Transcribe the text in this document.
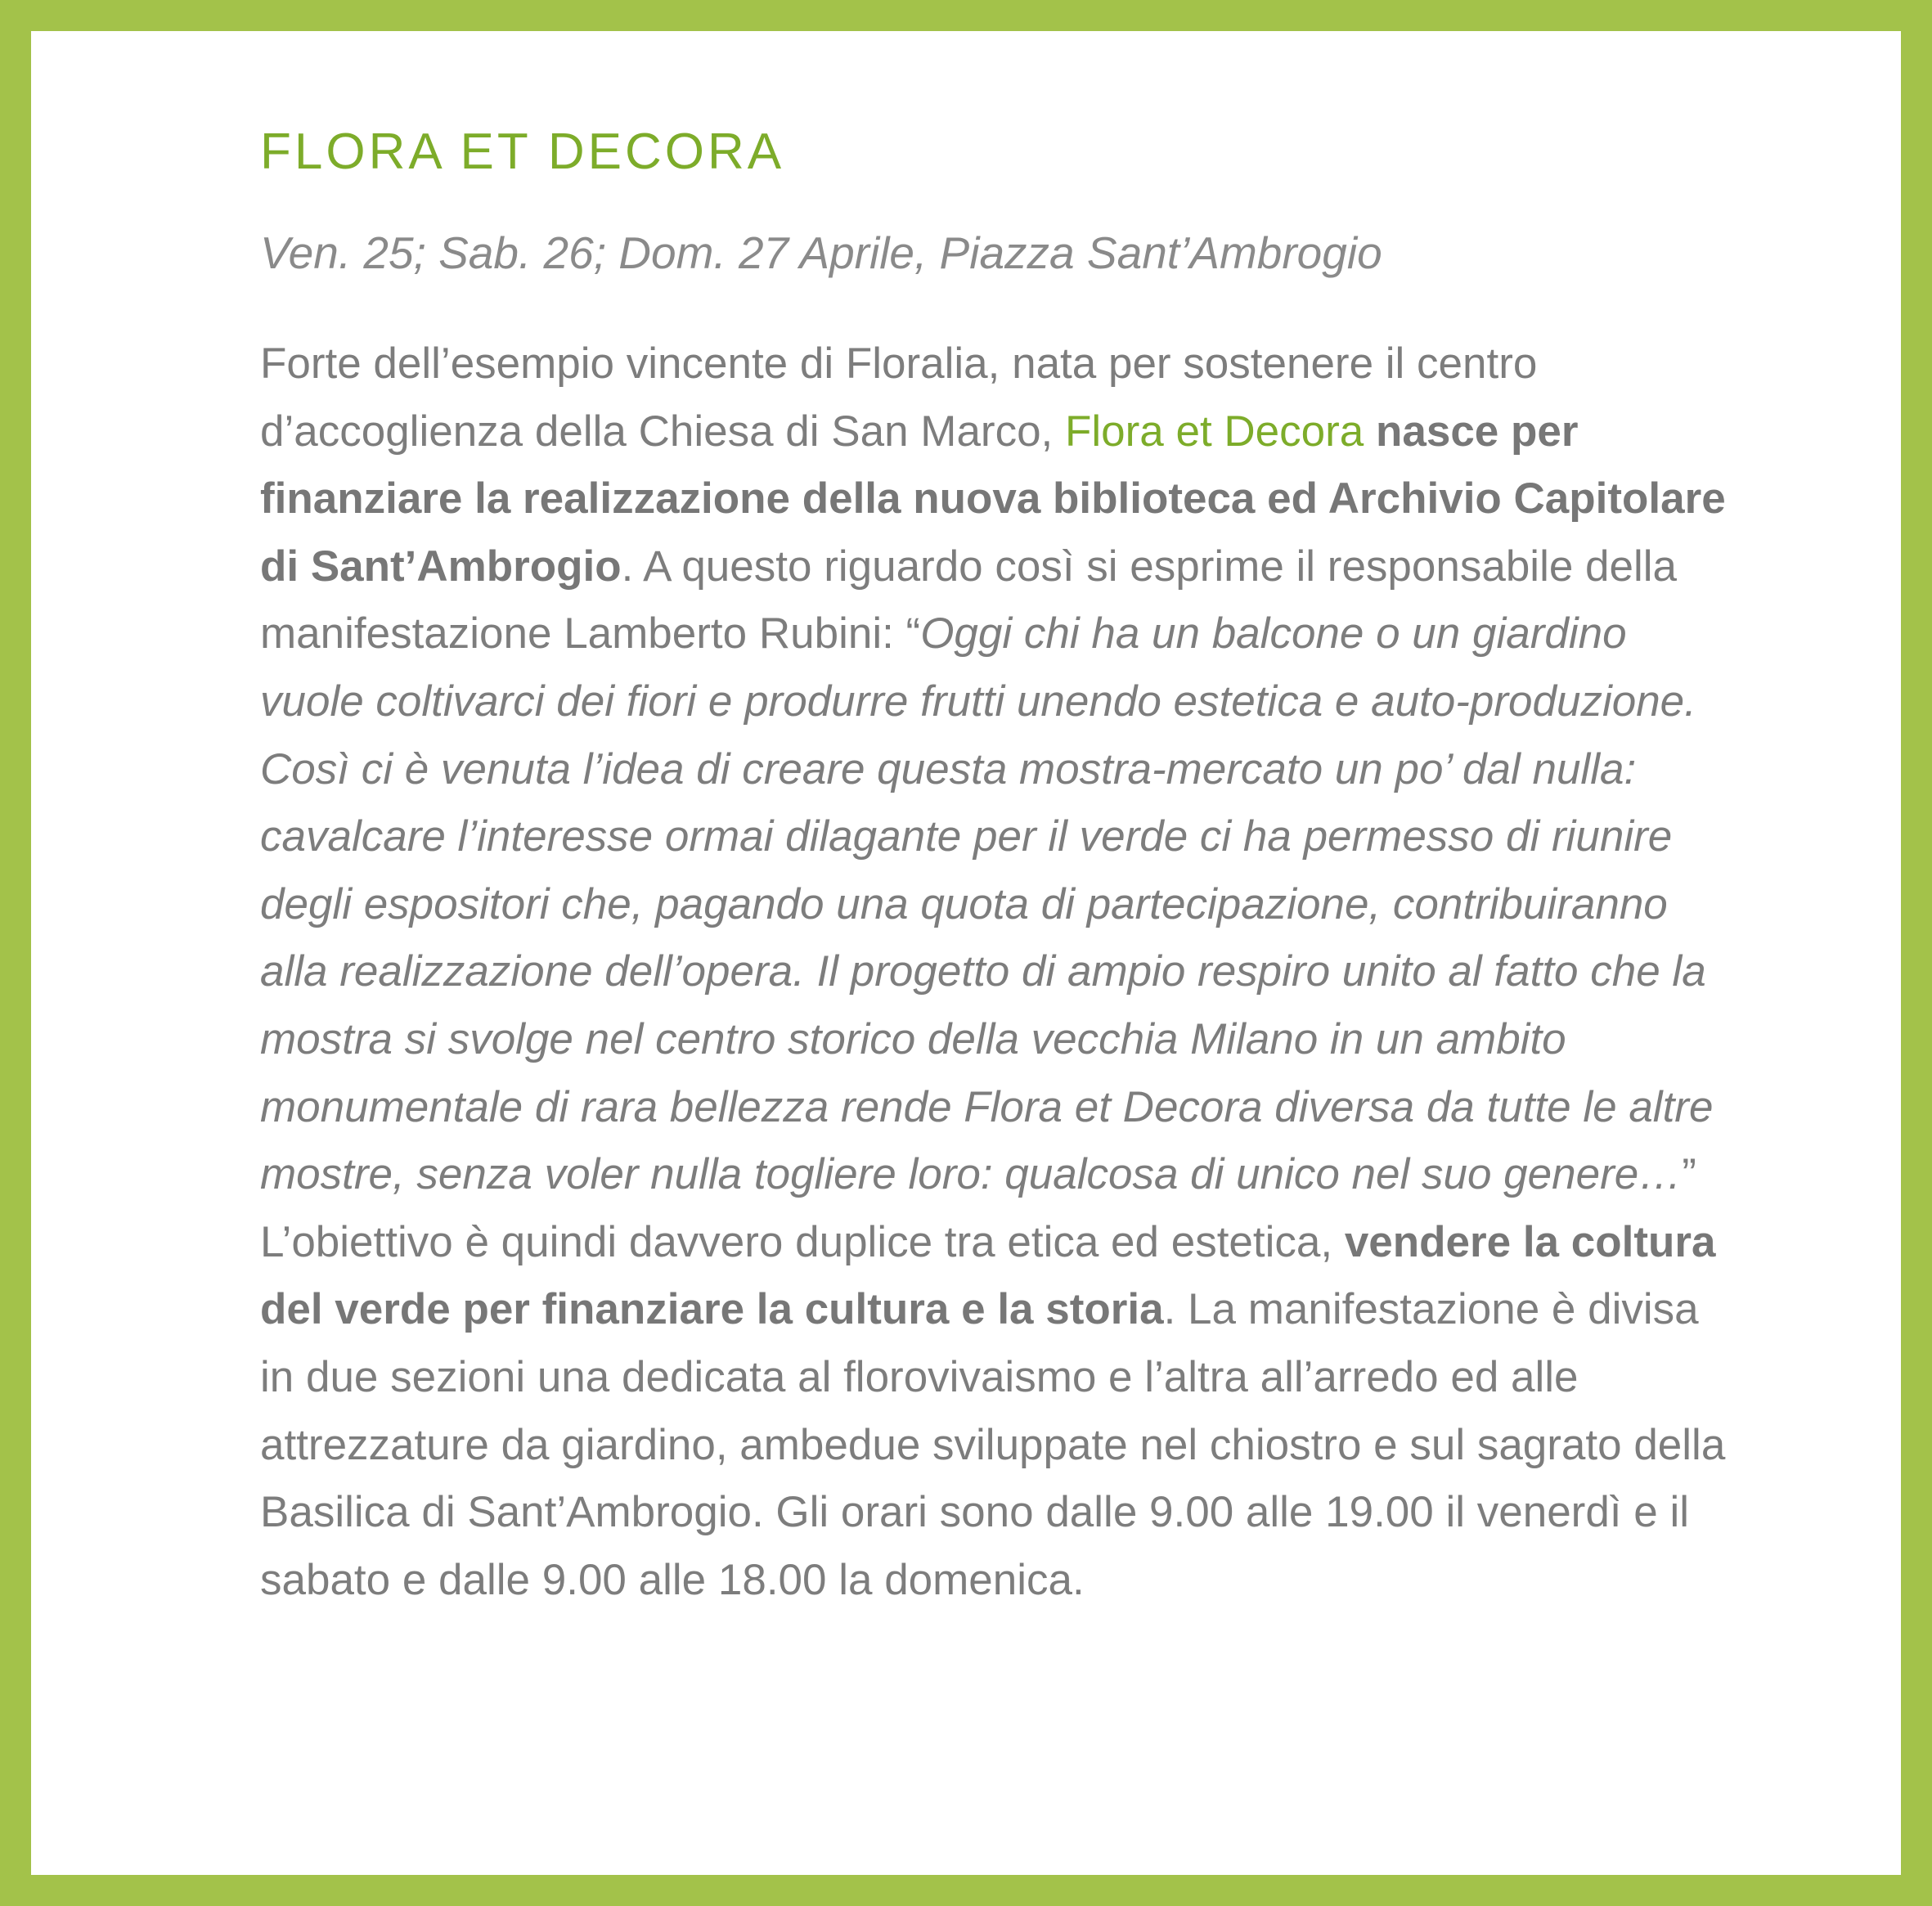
FLORA ET DECORA

Ven. 25; Sab. 26; Dom. 27 Aprile, Piazza Sant’Ambrogio

Forte dell’esempio vincente di Floralia, nata per sostenere il centro d’accoglienza della Chiesa di San Marco, Flora et Decora nasce per finanziare la realizzazione della nuova biblioteca ed Archivio Capitolare di Sant’Ambrogio. A questo riguardo così si esprime il responsabile della manifestazione Lamberto Rubini: “Oggi chi ha un balcone o un giardino vuole coltivarci dei fiori e produrre frutti unendo estetica e auto-produzione. Così ci è venuta l’idea di creare questa mostra-mercato un po’ dal nulla: cavalcare l’interesse ormai dilagante per il verde ci ha permesso di riunire degli espositori che, pagando una quota di partecipazione, contribuiranno alla realizzazione dell’opera. Il progetto di ampio respiro unito al fatto che la mostra si svolge nel centro storico della vecchia Milano in un ambito monumentale di rara bellezza rende Flora et Decora diversa da tutte le altre mostre, senza voler nulla togliere loro: qualcosa di unico nel suo genere…” L’obiettivo è quindi davvero duplice tra etica ed estetica, vendere la coltura del verde per finanziare la cultura e la storia. La manifestazione è divisa in due sezioni una dedicata al florovivaismo e l’altra all’arredo ed alle attrezzature da giardino, ambedue sviluppate nel chiostro e sul sagrato della Basilica di Sant’Ambrogio. Gli orari sono dalle 9.00 alle 19.00 il venerdì e il sabato e dalle 9.00 alle 18.00 la domenica.
